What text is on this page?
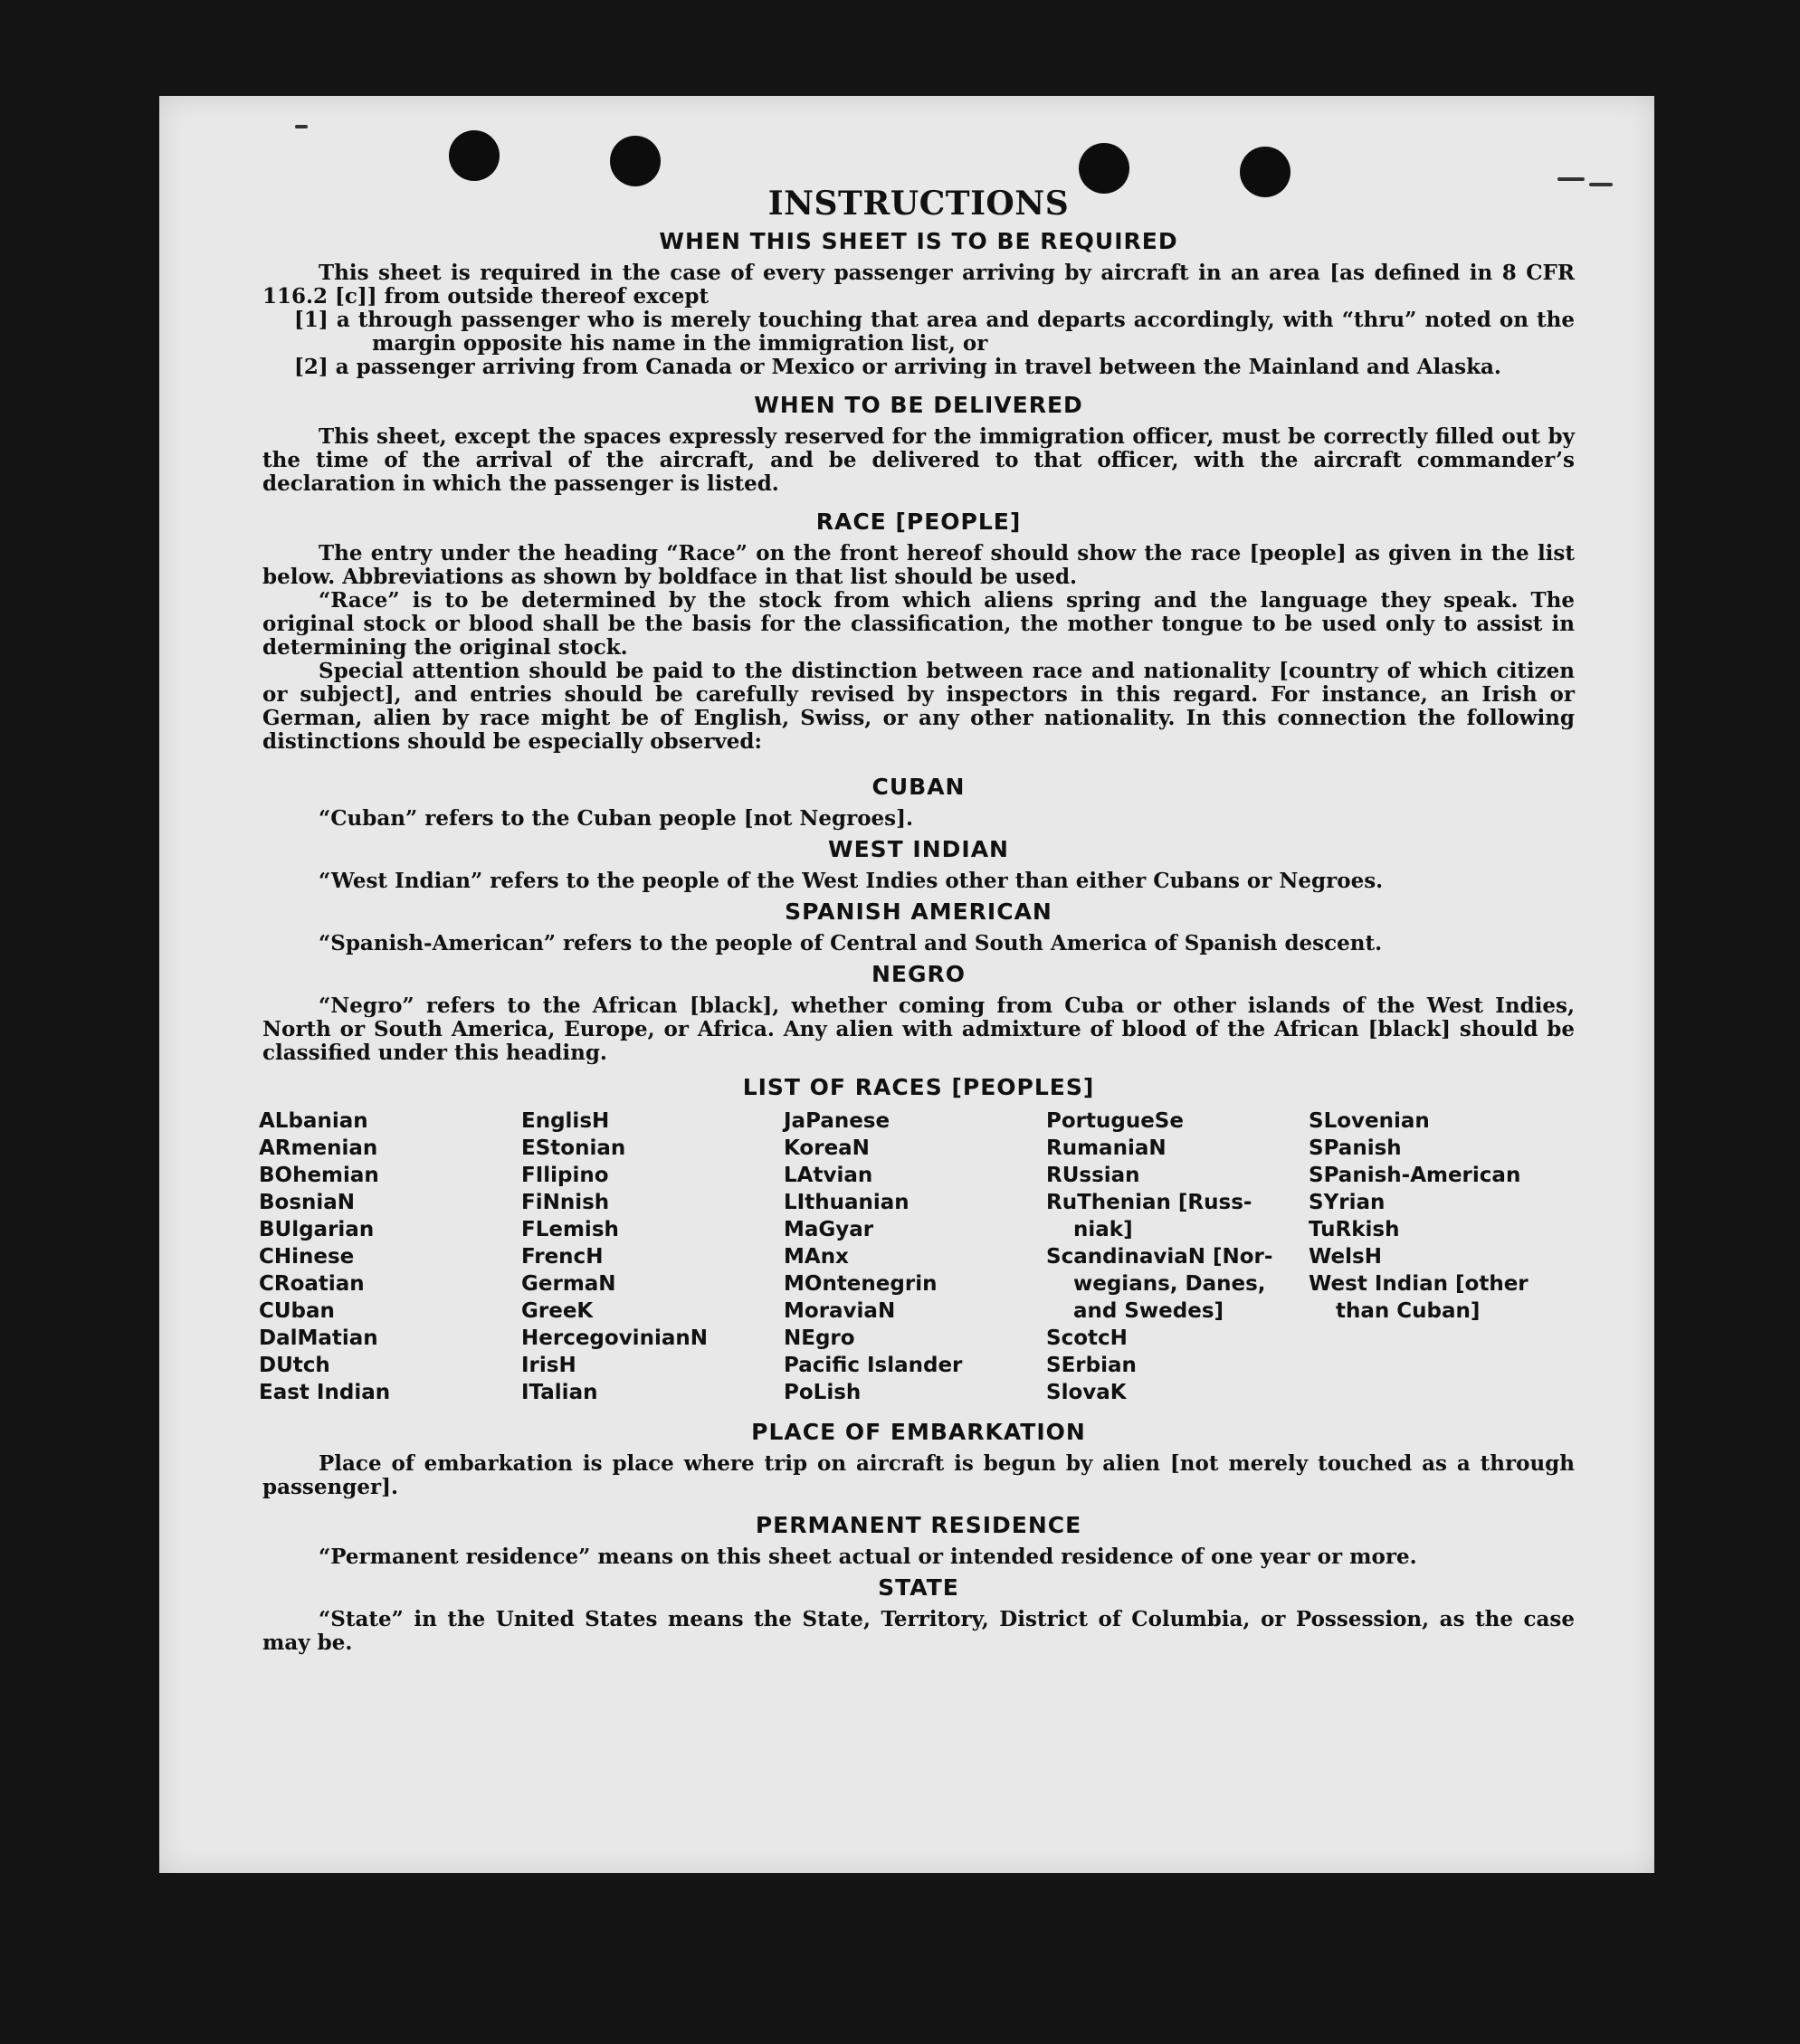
INSTRUCTIONS
WHEN THIS SHEET IS TO BE REQUIRED

This sheet is required in the case of every passenger arriving by aircraft in an area [as defined in 8 CFR 116.2 [c]] from outside thereof except

[1] a through passenger who is merely touching that area and departs accordingly, with “thru” noted on the margin opposite his name in the immigration list, or

[2] a passenger arriving from Canada or Mexico or arriving in travel between the Mainland and Alaska.

WHEN TO BE DELIVERED

This sheet, except the spaces expressly reserved for the immigration officer, must be correctly filled out by the time of the arrival of the aircraft, and be delivered to that officer, with the aircraft commander’s declaration in which the passenger is listed.

RACE [PEOPLE]

The entry under the heading “Race” on the front hereof should show the race [people] as given in the list below. Abbreviations as shown by boldface in that list should be used.

“Race” is to be determined by the stock from which aliens spring and the language they speak. The original stock or blood shall be the basis for the classification, the mother tongue to be used only to assist in determining the original stock.

Special attention should be paid to the distinction between race and nationality [country of which citizen or subject], and entries should be carefully revised by inspectors in this regard. For instance, an Irish or German, alien by race might be of English, Swiss, or any other nationality. In this connection the following distinctions should be especially observed:

CUBAN

“Cuban” refers to the Cuban people [not Negroes].

WEST INDIAN

“West Indian” refers to the people of the West Indies other than either Cubans or Negroes.

SPANISH AMERICAN

“Spanish-American” refers to the people of Central and South America of Spanish descent.

NEGRO

“Negro” refers to the African [black], whether coming from Cuba or other islands of the West Indies, North or South America, Europe, or Africa. Any alien with admixture of blood of the African [black] should be classified under this heading.

LIST OF RACES [PEOPLES]
ALbanian
ARmenian
BOhemian
BosniaN
BUlgarian
CHinese
CRoatian
CUban
DalMatian
DUtch
East Indian
EnglisH
EStonian
FIlipino
FiNnish
FLemish
FrencH
GermaN
GreeK
HercegovinianN
IrisH
ITalian
JaPanese
KoreaN
LAtvian
LIthuanian
MaGyar
MAnx
MOntenegrin
MoraviaN
NEgro
Pacific Islander
PoLish
PortugueSe
RumaniaN
RUssian
RuThenian [Russ-
niak]
ScandinaviaN [Nor-
wegians, Danes,
and Swedes]
ScotcH
SErbian
SlovaK
SLovenian
SPanish
SPanish-American
SYrian
TuRkish
WelsH
West Indian [other
than Cuban]
PLACE OF EMBARKATION

Place of embarkation is place where trip on aircraft is begun by alien [not merely touched as a through passenger].

PERMANENT RESIDENCE

“Permanent residence” means on this sheet actual or intended residence of one year or more.

STATE

“State” in the United States means the State, Territory, District of Columbia, or Possession, as the case may be.
